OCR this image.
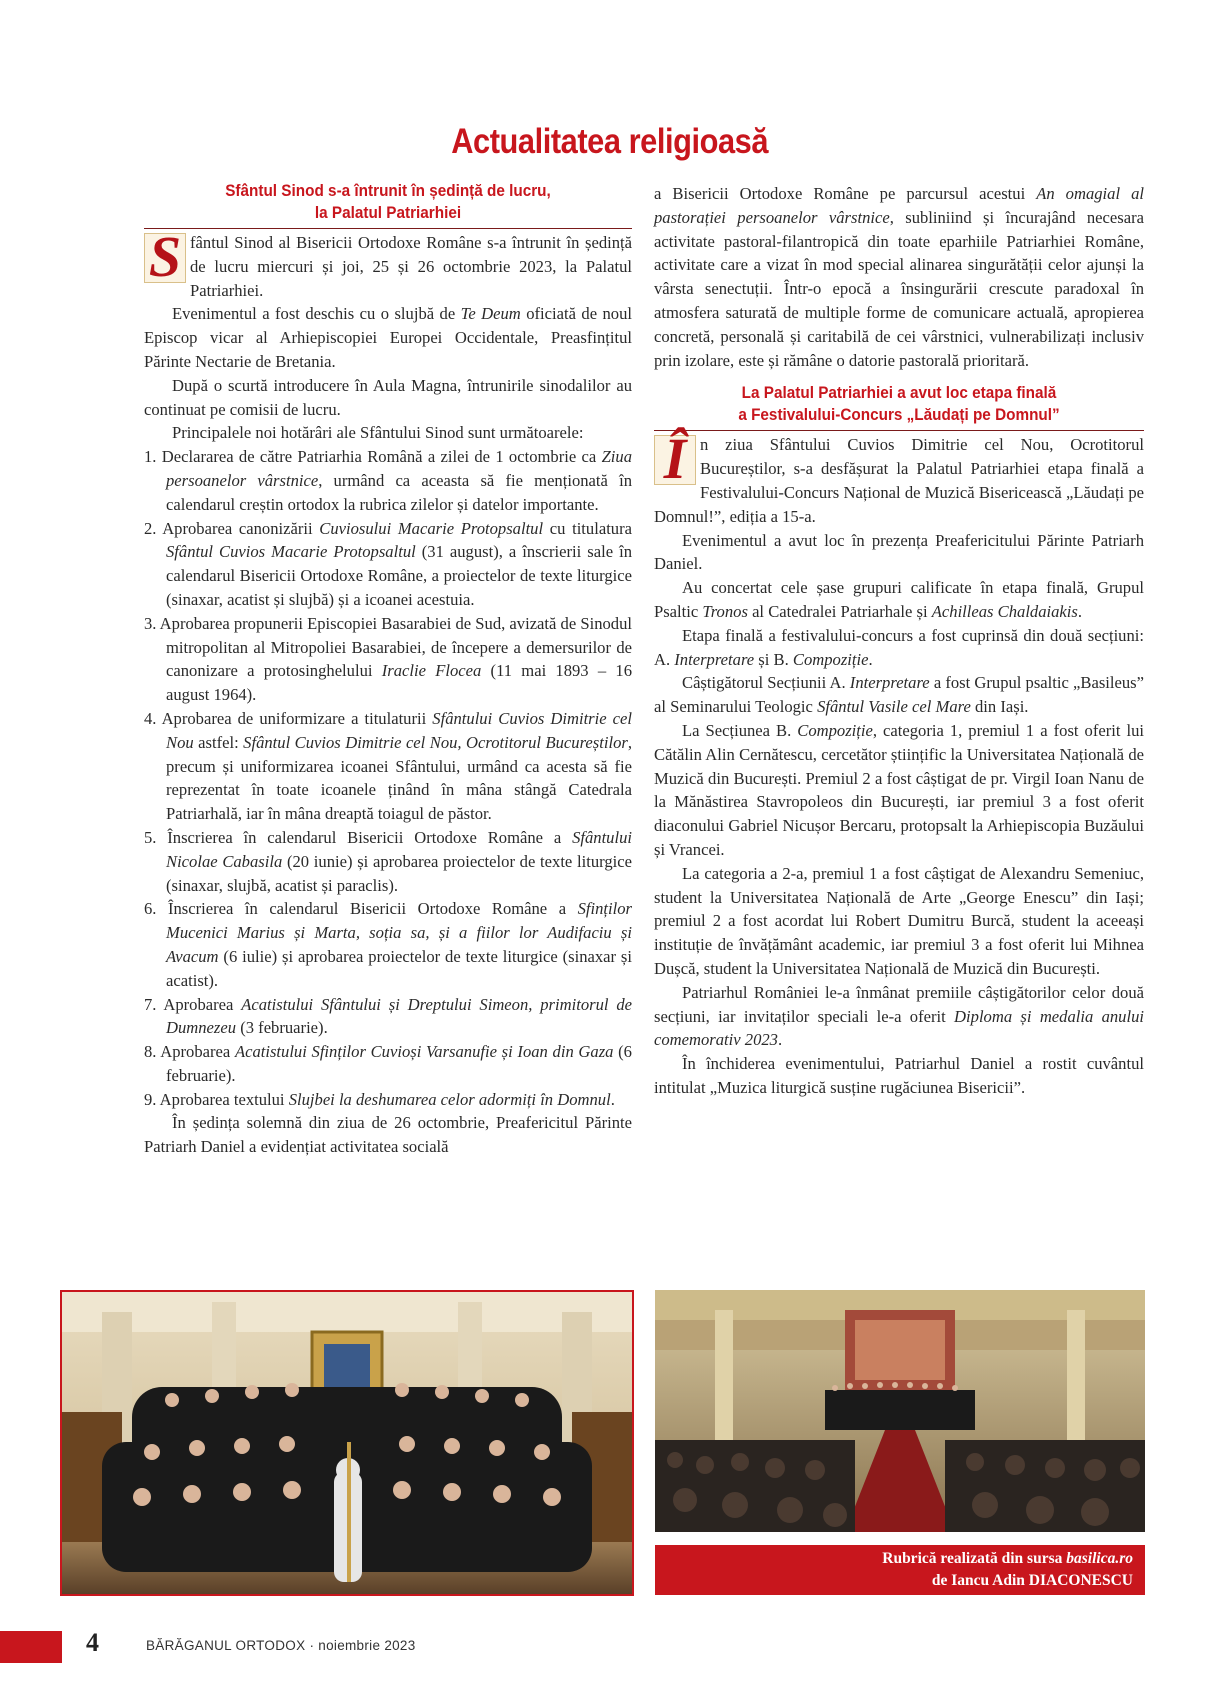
Actualitatea religioasă
Sfântul Sinod s-a întrunit în ședință de lucru,
la Palatul Patriarhiei

S fântul Sinod al Bisericii Ortodoxe Române s-a întrunit în ședință de lucru miercuri și joi, 25 și 26 octombrie 2023, la Palatul Patriarhiei.

Evenimentul a fost deschis cu o slujbă de Te Deum oficiată de noul Episcop vicar al Arhiepiscopiei Europei Occidentale, Preasfințitul Părinte Nectarie de Bretania.

După o scurtă introducere în Aula Magna, întrunirile sinodalilor au continuat pe comisii de lucru.

Principalele noi hotărâri ale Sfântului Sinod sunt următoarele:

1. Declararea de către Patriarhia Română a zilei de 1 octombrie ca Ziua persoanelor vârstnice, urmând ca aceasta să fie menționată în calendarul creștin ortodox la rubrica zilelor și datelor importante.
2. Aprobarea canonizării Cuviosului Macarie Protopsaltul cu titulatura Sfântul Cuvios Macarie Protopsaltul (31 august), a înscrierii sale în calendarul Bisericii Ortodoxe Române, a proiectelor de texte liturgice (sinaxar, acatist și slujbă) și a icoanei acestuia.
3. Aprobarea propunerii Episcopiei Basarabiei de Sud, avizată de Sinodul mitropolitan al Mitropoliei Basarabiei, de începere a demersurilor de canonizare a protosinghelului Iraclie Flocea (11 mai 1893 – 16 august 1964).
4. Aprobarea de uniformizare a titulaturii Sfântului Cuvios Dimitrie cel Nou astfel: Sfântul Cuvios Dimitrie cel Nou, Ocrotitorul Bucureștilor, precum și uniformizarea icoanei Sfântului, urmând ca acesta să fie reprezentat în toate icoanele ținând în mâna stângă Catedrala Patriarhală, iar în mâna dreaptă toiagul de păstor.
5. Înscrierea în calendarul Bisericii Ortodoxe Române a Sfântului Nicolae Cabasila (20 iunie) și aprobarea proiectelor de texte liturgice (sinaxar, slujbă, acatist și paraclis).
6. Înscrierea în calendarul Bisericii Ortodoxe Române a Sfinților Mucenici Marius și Marta, soția sa, și a fiilor lor Audifaciu și Avacum (6 iulie) și aprobarea proiectelor de texte liturgice (sinaxar și acatist).
7. Aprobarea Acatistului Sfântului și Dreptului Simeon, primitorul de Dumnezeu (3 februarie).
8. Aprobarea Acatistului Sfinților Cuvioși Varsanufie și Ioan din Gaza (6 februarie).
9. Aprobarea textului Slujbei la deshumarea celor adormiți în Domnul.

În ședința solemnă din ziua de 26 octombrie, Preafericitul Părinte Patriarh Daniel a evidențiat activitatea socială

a Bisericii Ortodoxe Române pe parcursul acestui An omagial al pastorației persoanelor vârstnice, subliniind și încurajând necesara activitate pastoral-filantropică din toate eparhiile Patriarhiei Române, activitate care a vizat în mod special alinarea singurătății celor ajunși la vârsta senectuții. Într-o epocă a însingurării crescute paradoxal în atmosfera saturată de multiple forme de comunicare actuală, apropierea concretă, personală și caritabilă de cei vârstnici, vulnerabilizați inclusiv prin izolare, este și rămâne o datorie pastorală prioritară.

La Palatul Patriarhiei a avut loc etapa finală
a Festivalului-Concurs „Lăudați pe Domnul”

Î n ziua Sfântului Cuvios Dimitrie cel Nou, Ocrotitorul Bucureștilor, s-a desfășurat la Palatul Patriarhiei etapa finală a Festivalului-Concurs Național de Muzică Bisericească „Lăudați pe Domnul!”, ediția a 15-a.

Evenimentul a avut loc în prezența Preafericitului Părinte Patriarh Daniel.

Au concertat cele șase grupuri calificate în etapa finală, Grupul Psaltic Tronos al Catedralei Patriarhale și Achilleas Chaldaiakis.

Etapa finală a festivalului-concurs a fost cuprinsă din două secțiuni: A. Interpretare și B. Compoziție.

Câștigătorul Secțiunii A. Interpretare a fost Grupul psaltic „Basileus” al Seminarului Teologic Sfântul Vasile cel Mare din Iași.

La Secțiunea B. Compoziție, categoria 1, premiul 1 a fost oferit lui Cătălin Alin Cernătescu, cercetător științific la Universitatea Națională de Muzică din București. Premiul 2 a fost câștigat de pr. Virgil Ioan Nanu de la Mănăstirea Stavropoleos din București, iar premiul 3 a fost oferit diaconului Gabriel Nicușor Bercaru, protopsalt la Arhiepiscopia Buzăului și Vrancei.

La categoria a 2-a, premiul 1 a fost câștigat de Alexandru Semeniuc, student la Universitatea Națională de Arte „George Enescu” din Iași; premiul 2 a fost acordat lui Robert Dumitru Burcă, student la aceeași instituție de învățământ academic, iar premiul 3 a fost oferit lui Mihnea Dușcă, student la Universitatea Națională de Muzică din București.

Patriarhul României le-a înmânat premiile câștigătorilor celor două secțiuni, iar invitaților speciali le-a oferit Diploma și medalia anului comemorativ 2023.

În închiderea evenimentului, Patriarhul Daniel a rostit cuvântul intitulat „Muzica liturgică susține rugăciunea Bisericii”.

Rubrică realizată din sursa basilica.ro
de Iancu Adin DIACONESCU
4	BĂRĂGANUL ORTODOX · noiembrie 2023
